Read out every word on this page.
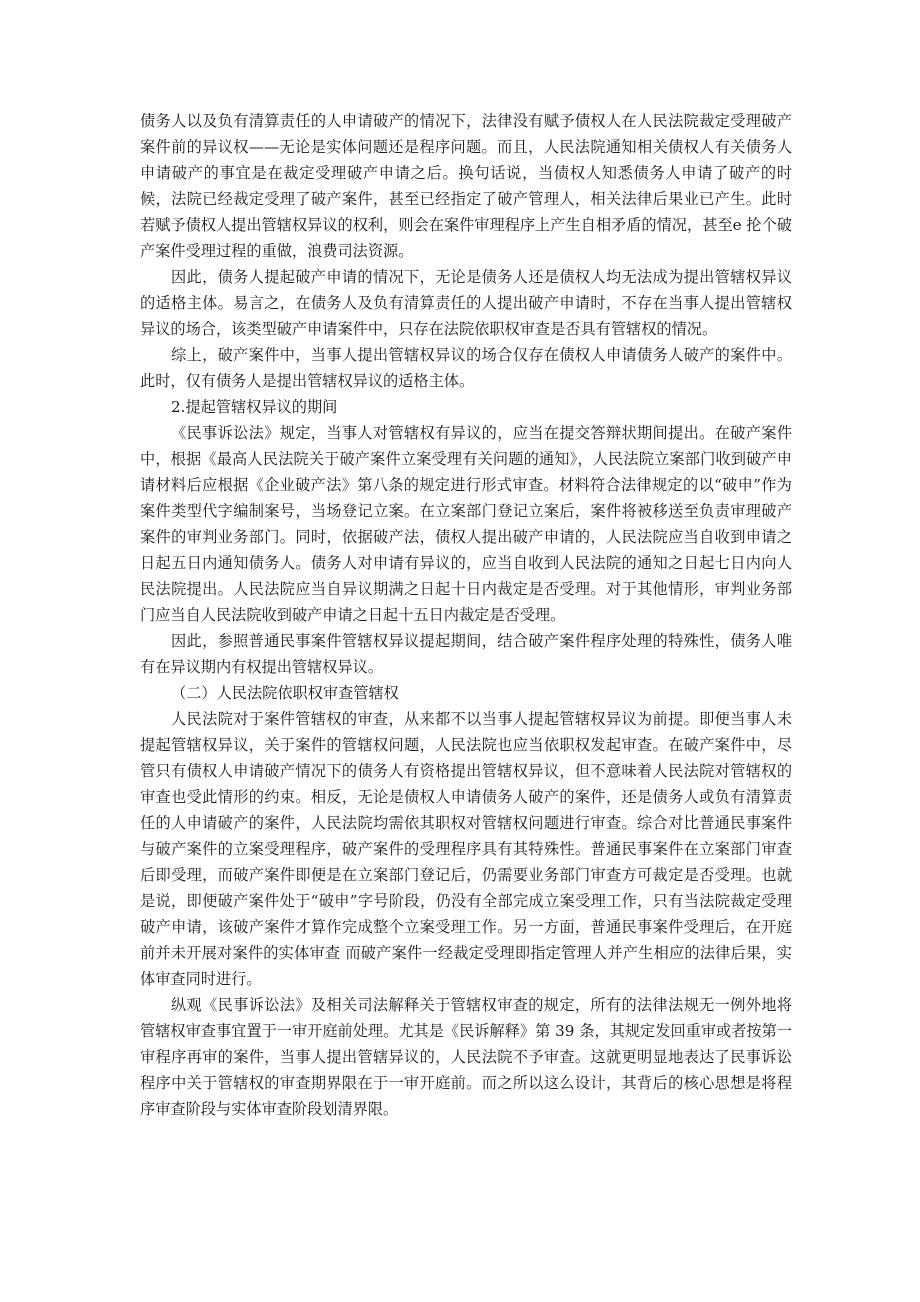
债务人以及负有清算责任的人申请破产的情况下，法律没有赋予债权人在人民法院裁定受理破产案件前的异议权——无论是实体问题还是程序问题。而且，人民法院通知相关债权人有关债务人申请破产的事宜是在裁定受理破产申请之后。换句话说，当债权人知悉债务人申请了破产的时候，法院已经裁定受理了破产案件，甚至已经指定了破产管理人，相关法律后果业已产生。此时若赋予债权人提出管辖权异议的权利，则会在案件审理程序上产生自相矛盾的情况，甚至e 抡个破产案件受理过程的重做，浪费司法资源。

因此，债务人提起破产申请的情况下，无论是债务人还是债权人均无法成为提出管辖权异议的适格主体。易言之，在债务人及负有清算责任的人提出破产申请时，不存在当事人提出管辖权异议的场合，该类型破产申请案件中，只存在法院依职权审查是否具有管辖权的情况。

综上，破产案件中，当事人提出管辖权异议的场合仅存在债权人申请债务人破产的案件中。此时，仅有债务人是提出管辖权异议的适格主体。

2.提起管辖权异议的期间

《民事诉讼法》规定，当事人对管辖权有异议的，应当在提交答辩状期间提出。在破产案件中，根据《最高人民法院关于破产案件立案受理有关问题的通知》，人民法院立案部门收到破产申请材料后应根据《企业破产法》第八条的规定进行形式审查。材料符合法律规定的以“破申”作为案件类型代字编制案号，当场登记立案。在立案部门登记立案后，案件将被移送至负责审理破产案件的审判业务部门。同时，依据破产法，债权人提出破产申请的，人民法院应当自收到申请之日起五日内通知债务人。债务人对申请有异议的，应当自收到人民法院的通知之日起七日内向人民法院提出。人民法院应当自异议期满之日起十日内裁定是否受理。对于其他情形，审判业务部门应当自人民法院收到破产申请之日起十五日内裁定是否受理。

因此，参照普通民事案件管辖权异议提起期间，结合破产案件程序处理的特殊性，债务人唯有在异议期内有权提出管辖权异议。

（二）人民法院依职权审查管辖权

人民法院对于案件管辖权的审查，从来都不以当事人提起管辖权异议为前提。即便当事人未提起管辖权异议，关于案件的管辖权问题，人民法院也应当依职权发起审查。在破产案件中，尽管只有债权人申请破产情况下的债务人有资格提出管辖权异议，但不意味着人民法院对管辖权的审查也受此情形的约束。相反，无论是债权人申请债务人破产的案件，还是债务人或负有清算责任的人申请破产的案件，人民法院均需依其职权对管辖权问题进行审查。综合对比普通民事案件与破产案件的立案受理程序，破产案件的受理程序具有其特殊性。普通民事案件在立案部门审查后即受理，而破产案件即便是在立案部门登记后，仍需要业务部门审查方可裁定是否受理。也就是说，即便破产案件处于“破申”字号阶段，仍没有全部完成立案受理工作，只有当法院裁定受理破产申请，该破产案件才算作完成整个立案受理工作。另一方面，普通民事案件受理后，在开庭前并未开展对案件的实体审查 而破产案件一经裁定受理即指定管理人并产生相应的法律后果，实体审查同时进行。

纵观《民事诉讼法》及相关司法解释关于管辖权审查的规定，所有的法律法规无一例外地将管辖权审查事宜置于一审开庭前处理。尤其是《民诉解释》第 39 条，其规定发回重审或者按第一审程序再审的案件，当事人提出管辖异议的，人民法院不予审查。这就更明显地表达了民事诉讼程序中关于管辖权的审查期界限在于一审开庭前。而之所以这么设计，其背后的核心思想是将程序审查阶段与实体审查阶段划清界限。
